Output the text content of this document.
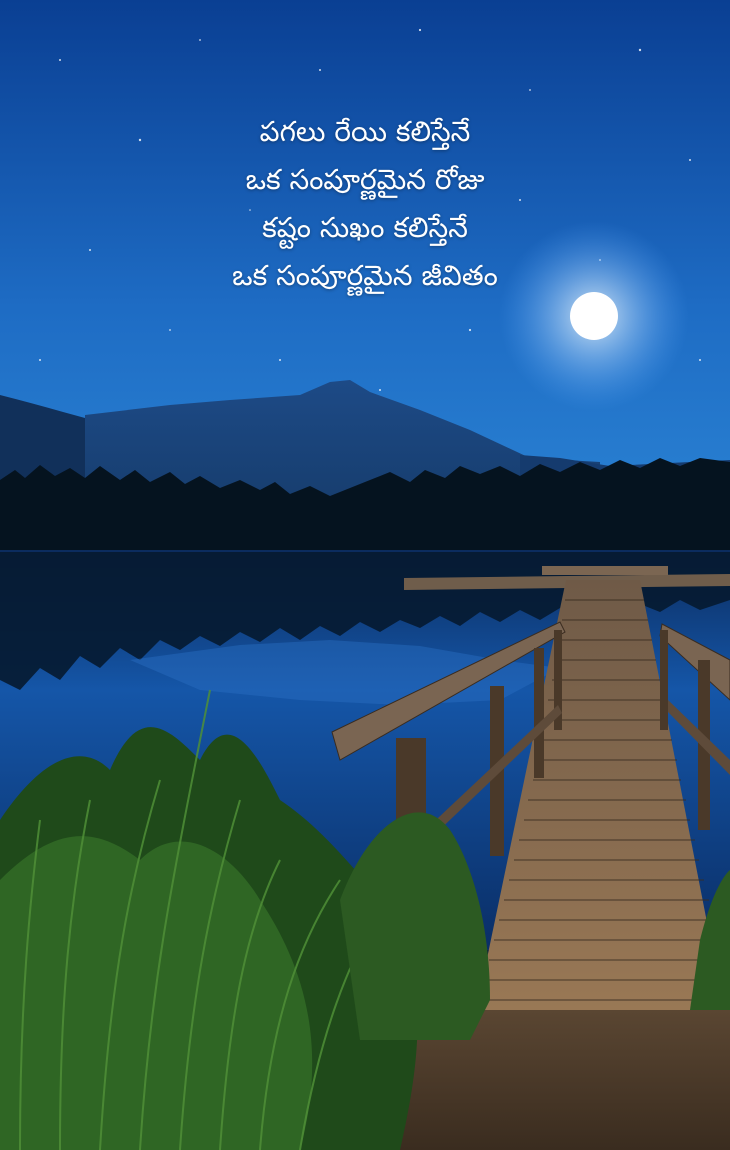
పగలు రేయి కలిస్తేనే
ఒక సంపూర్ణమైన రోజు
కష్టం సుఖం కలిస్తేనే
ఒక సంపూర్ణమైన జీవితం
